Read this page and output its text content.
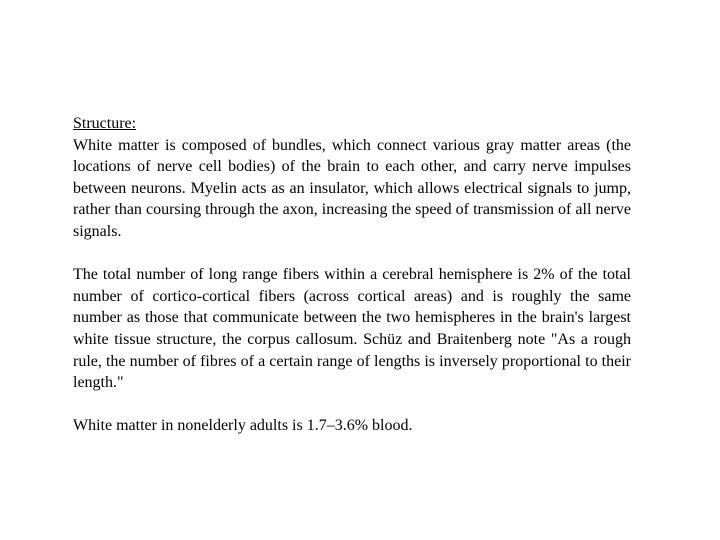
Structure:

White matter is composed of bundles, which connect various gray matter areas (the locations of nerve cell bodies) of the brain to each other, and carry nerve impulses between neurons. Myelin acts as an insulator, which allows electrical signals to jump, rather than coursing through the axon, increasing the speed of transmission of all nerve signals.

The total number of long range fibers within a cerebral hemisphere is 2% of the total number of cortico-cortical fibers (across cortical areas) and is roughly the same number as those that communicate between the two hemispheres in the brain's largest white tissue structure, the corpus callosum. Schüz and Braitenberg note "As a rough rule, the number of fibres of a certain range of lengths is inversely proportional to their length."

White matter in nonelderly adults is 1.7–3.6% blood.
